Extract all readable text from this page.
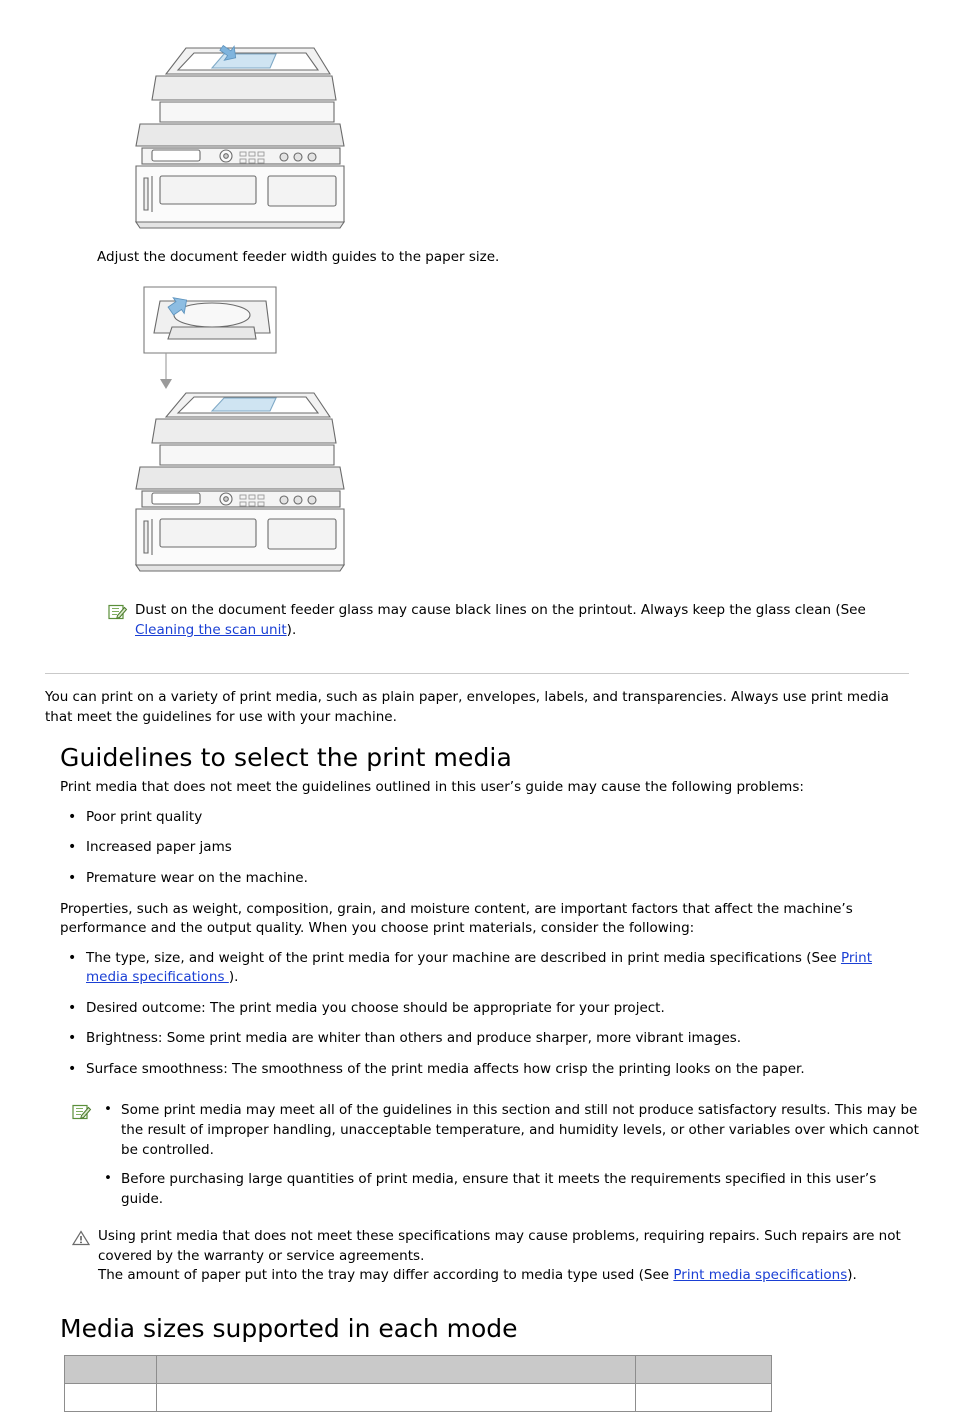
Adjust the document feeder width guides to the paper size.
Dust on the document feeder glass may cause black lines on the printout. Always keep the glass clean (See Cleaning the scan unit).

You can print on a variety of print media, such as plain paper, envelopes, labels, and transparencies. Always use print media that meet the guidelines for use with your machine.

Guidelines to select the print media

Print media that does not meet the guidelines outlined in this user’s guide may cause the following problems:

• Poor print quality
• Increased paper jams
• Premature wear on the machine.

Properties, such as weight, composition, grain, and moisture content, are important factors that affect the machine’s performance and the output quality. When you choose print materials, consider the following:

• The type, size, and weight of the print media for your machine are described in print media specifications (See Print media specifications ).
• Desired outcome: The print media you choose should be appropriate for your project.
• Brightness: Some print media are whiter than others and produce sharper, more vibrant images.
• Surface smoothness: The smoothness of the print media affects how crisp the printing looks on the paper.
• Some print media may meet all of the guidelines in this section and still not produce satisfactory results. This may be the result of improper handling, unacceptable temperature, and humidity levels, or other variables over which cannot be controlled.
• Before purchasing large quantities of print media, ensure that it meets the requirements specified in this user’s guide.
Using print media that does not meet these specifications may cause problems, requiring repairs. Such repairs are not covered by the warranty or service agreements.
The amount of paper put into the tray may differ according to media type used (See Print media specifications).
Media sizes supported in each mode
